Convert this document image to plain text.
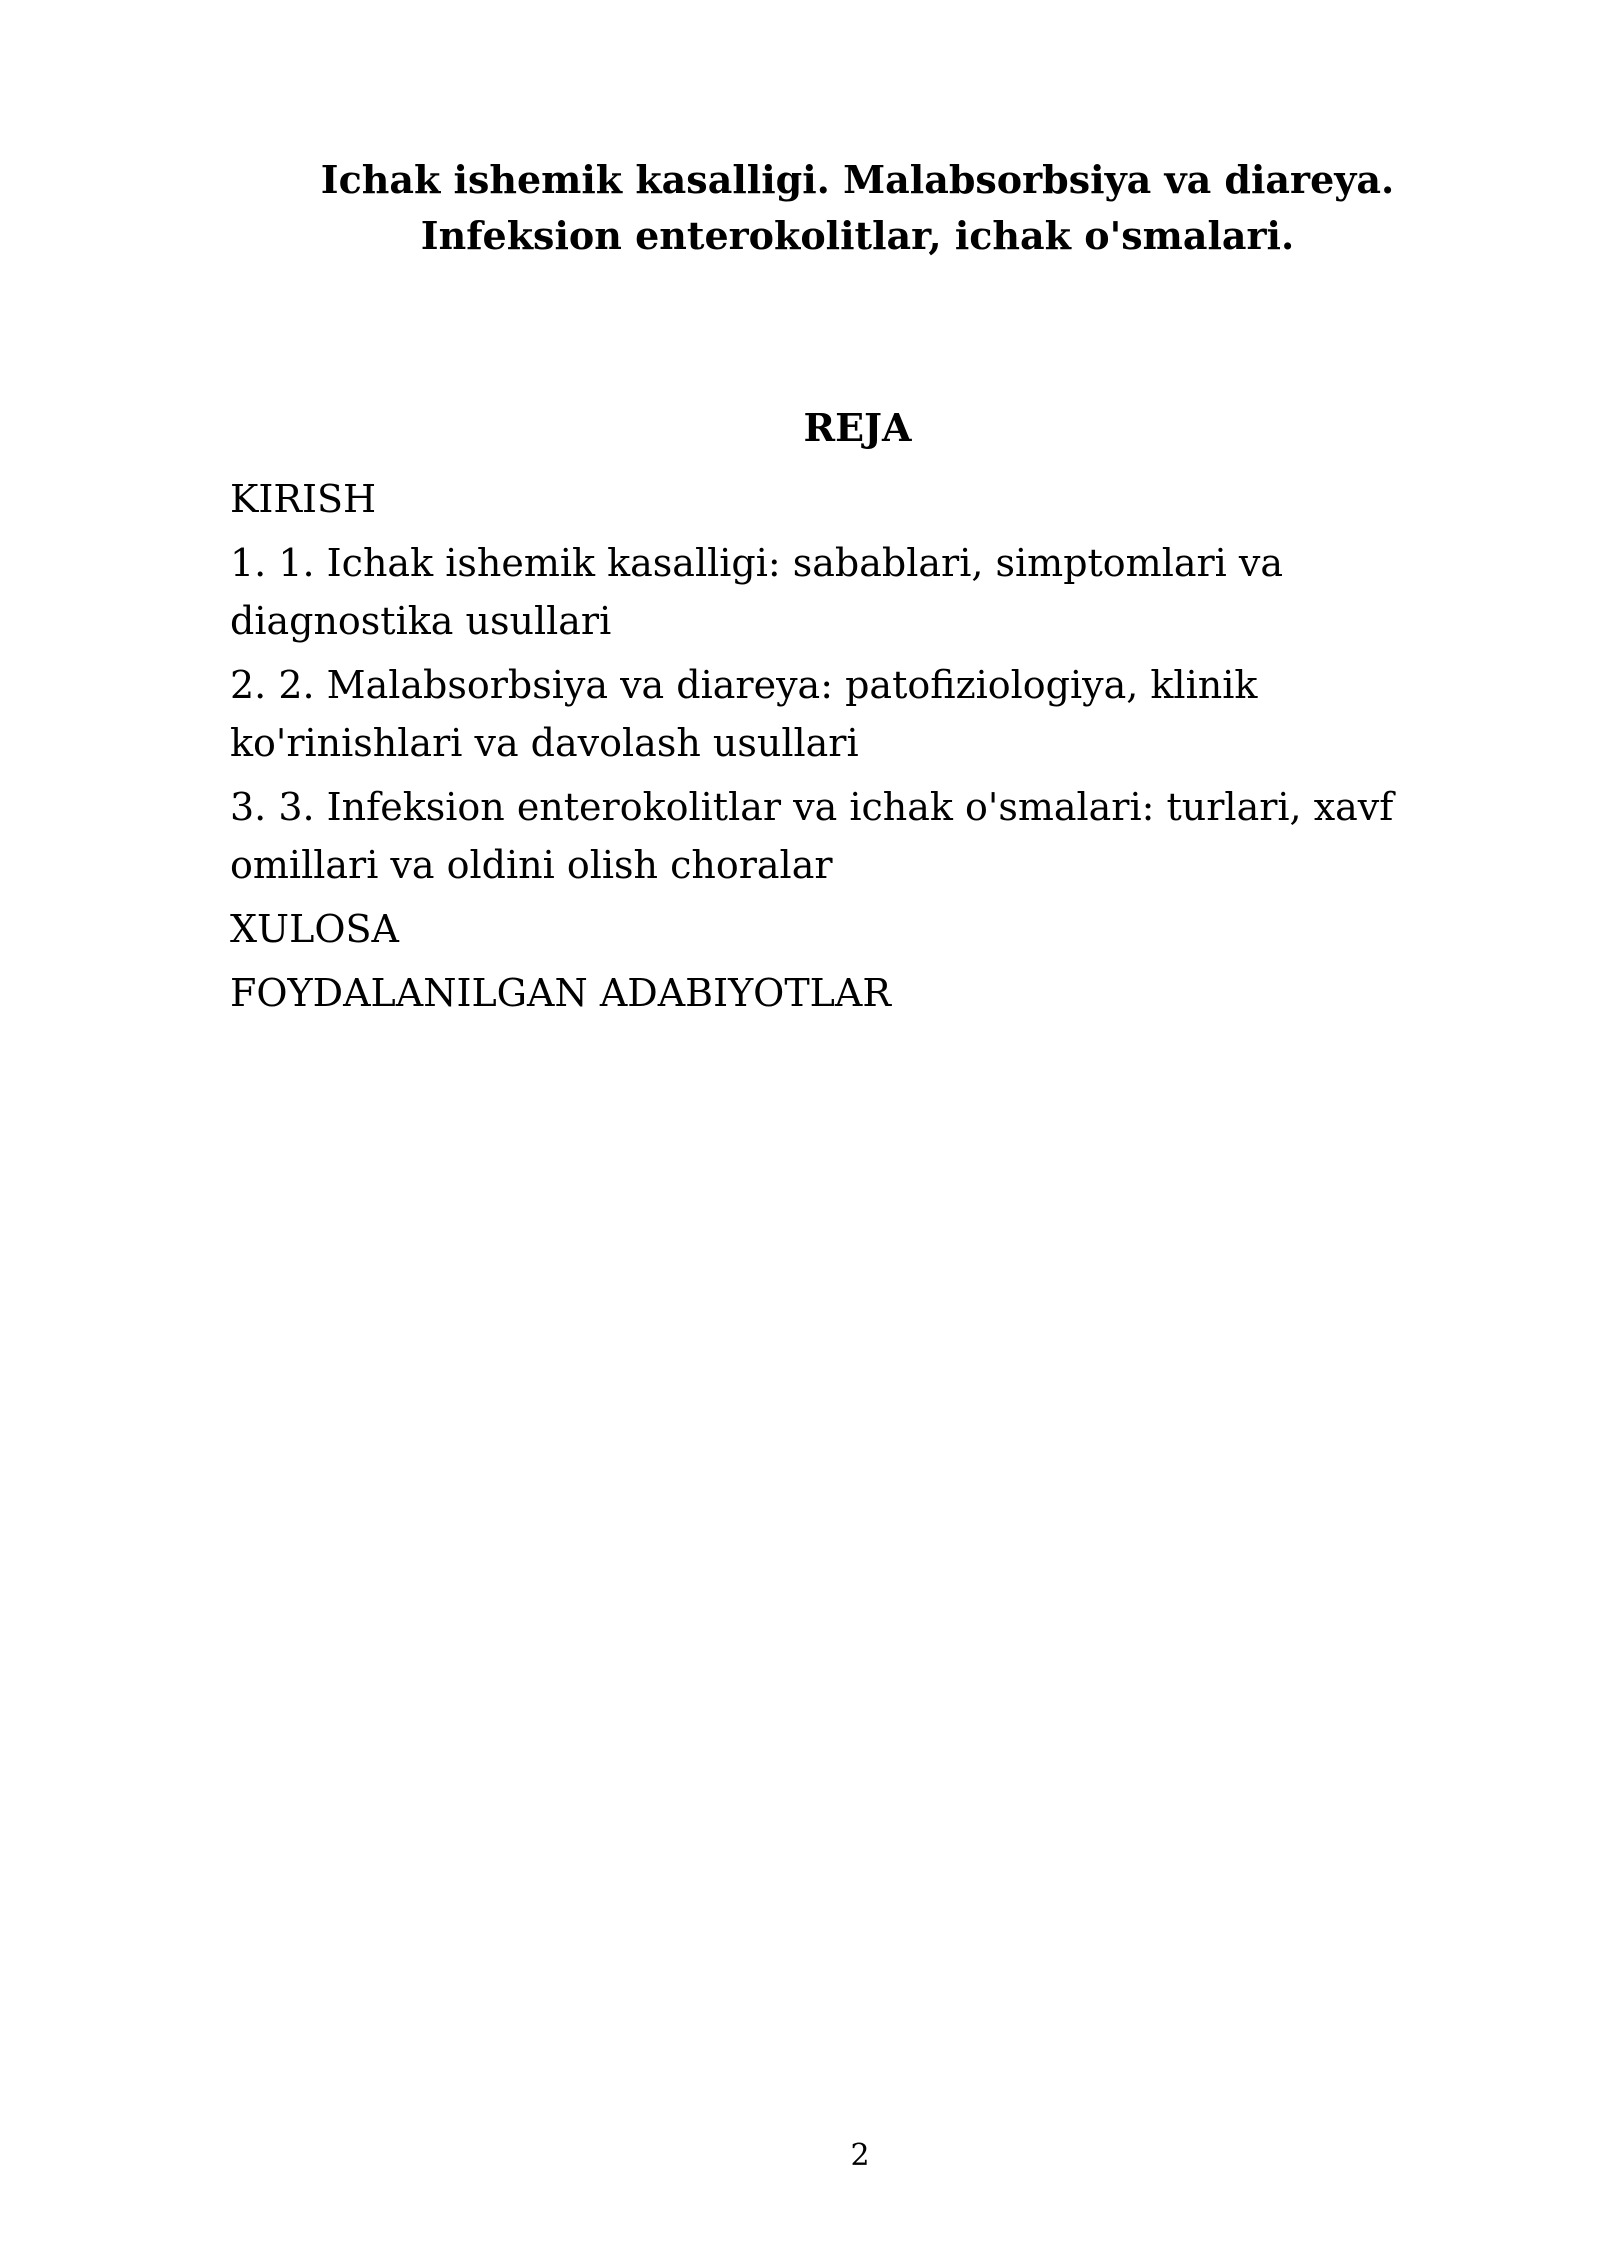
Ichak ishemik kasalligi. Malabsorbsiya va diareya.
Infeksion enterokolitlar, ichak o'smalari.
REJA
KIRISH
1. 1. Ichak ishemik kasalligi: sabablari, simptomlari va diagnostika usullari
2. 2. Malabsorbsiya va diareya: patofiziologiya, klinik ko'rinishlari va davolash usullari
3. 3. Infeksion enterokolitlar va ichak o'smalari: turlari, xavf omillari va oldini olish choralar
XULOSA
FOYDALANILGAN ADABIYOTLAR
2
